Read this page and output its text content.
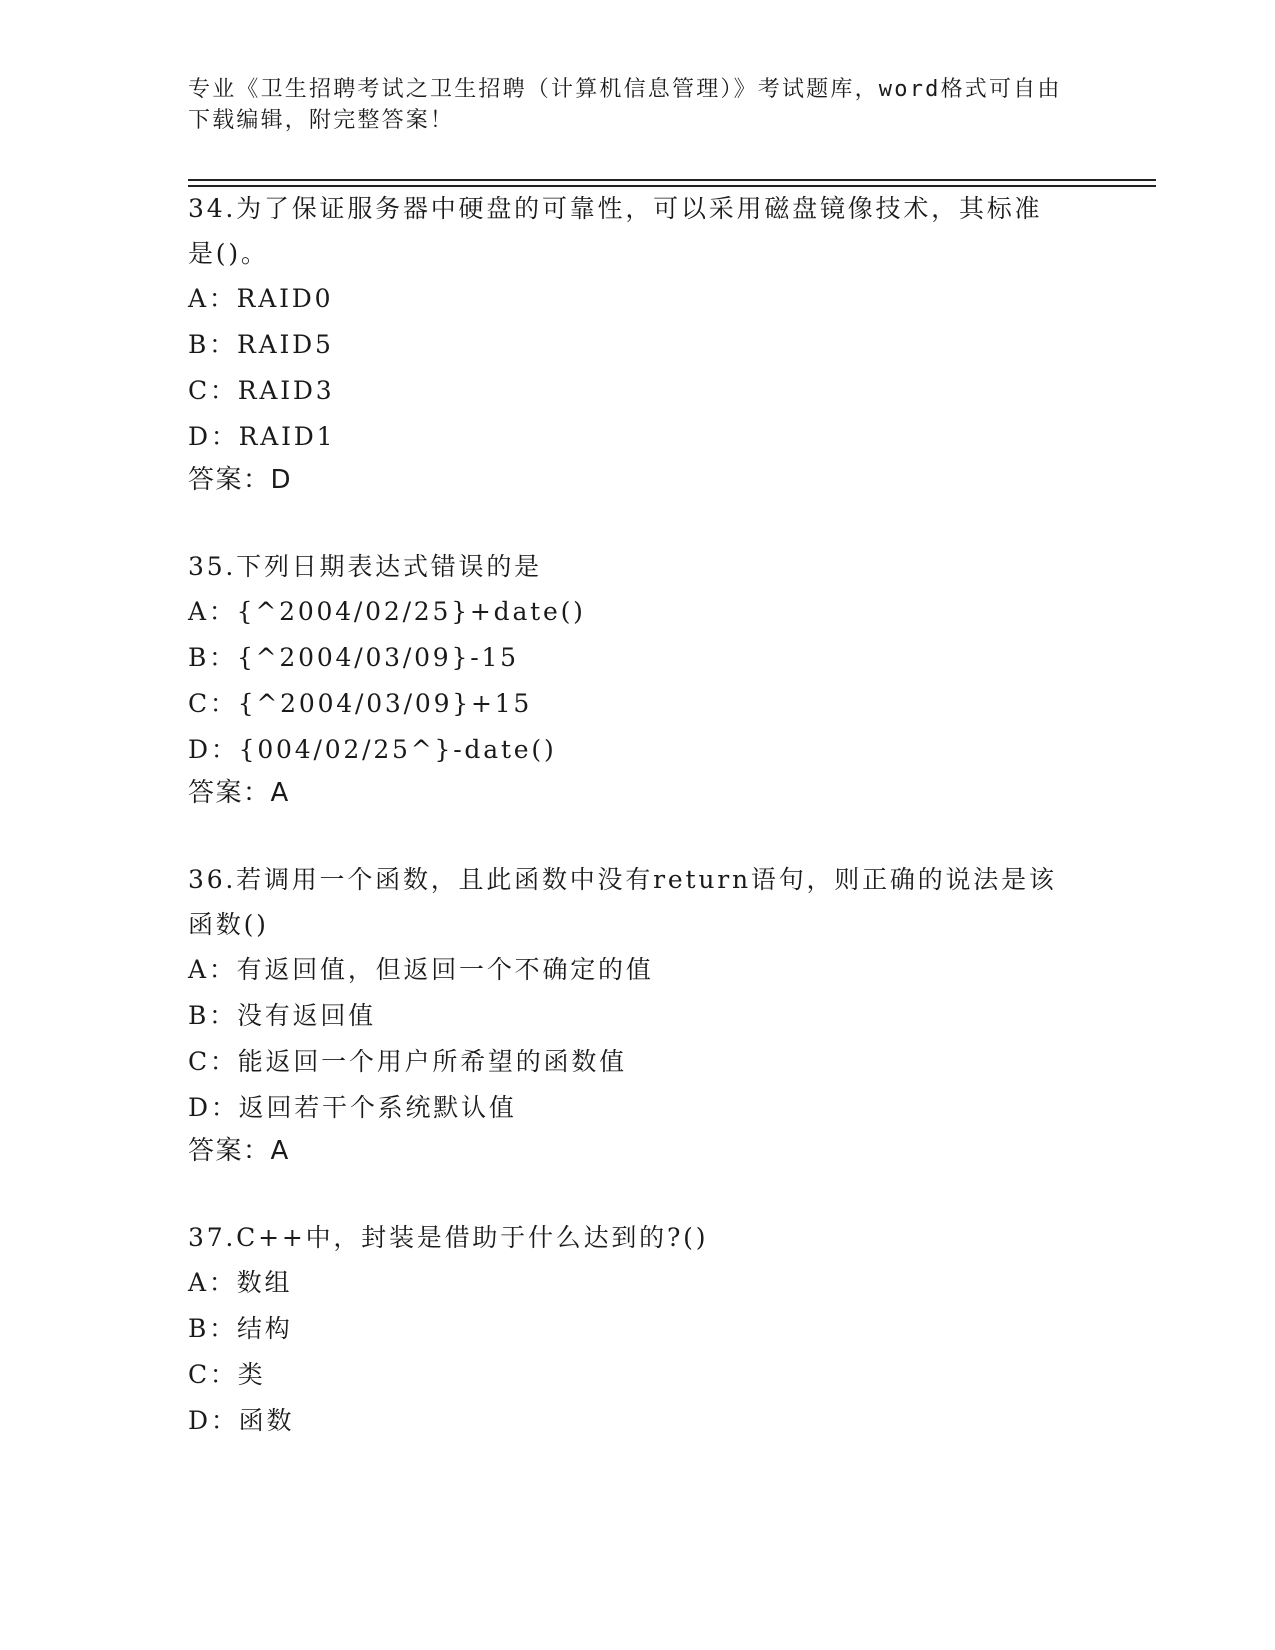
专业《卫生招聘考试之卫生招聘（计算机信息管理）》考试题库，word格式可自由下载编辑，附完整答案！

34.为了保证服务器中硬盘的可靠性，可以采用磁盘镜像技术，其标准是()。

A：RAID0

B：RAID5

C：RAID3

D：RAID1

答案：D

35.下列日期表达式错误的是

A：{^2004/02/25}+date()

B：{^2004/03/09}-15

C：{^2004/03/09}+15

D：{004/02/25^}-date()

答案：A

36.若调用一个函数，且此函数中没有return语句，则正确的说法是该函数()

A：有返回值，但返回一个不确定的值

B：没有返回值

C：能返回一个用户所希望的函数值

D：返回若干个系统默认值

答案：A

37.C++中，封装是借助于什么达到的?()

A：数组

B：结构

C：类

D：函数
